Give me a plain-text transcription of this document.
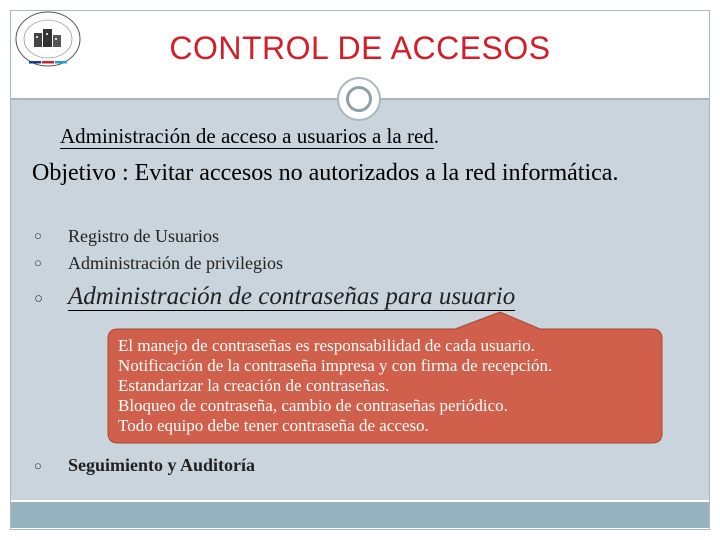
CONTROL DE ACCESOS
Administración de acceso a usuarios a la red.
Objetivo : Evitar accesos no autorizados a la red informática.
○ Registro de Usuarios
○ Administración de privilegios
○ Administración de contraseñas para usuario
El manejo de contraseñas es responsabilidad de cada usuario.
Notificación de la contraseña impresa y con firma de recepción.
Estandarizar la creación de contraseñas.
Bloqueo de contraseña, cambio de contraseñas periódico.
Todo equipo debe tener contraseña de acceso.
○ Seguimiento y Auditoría
